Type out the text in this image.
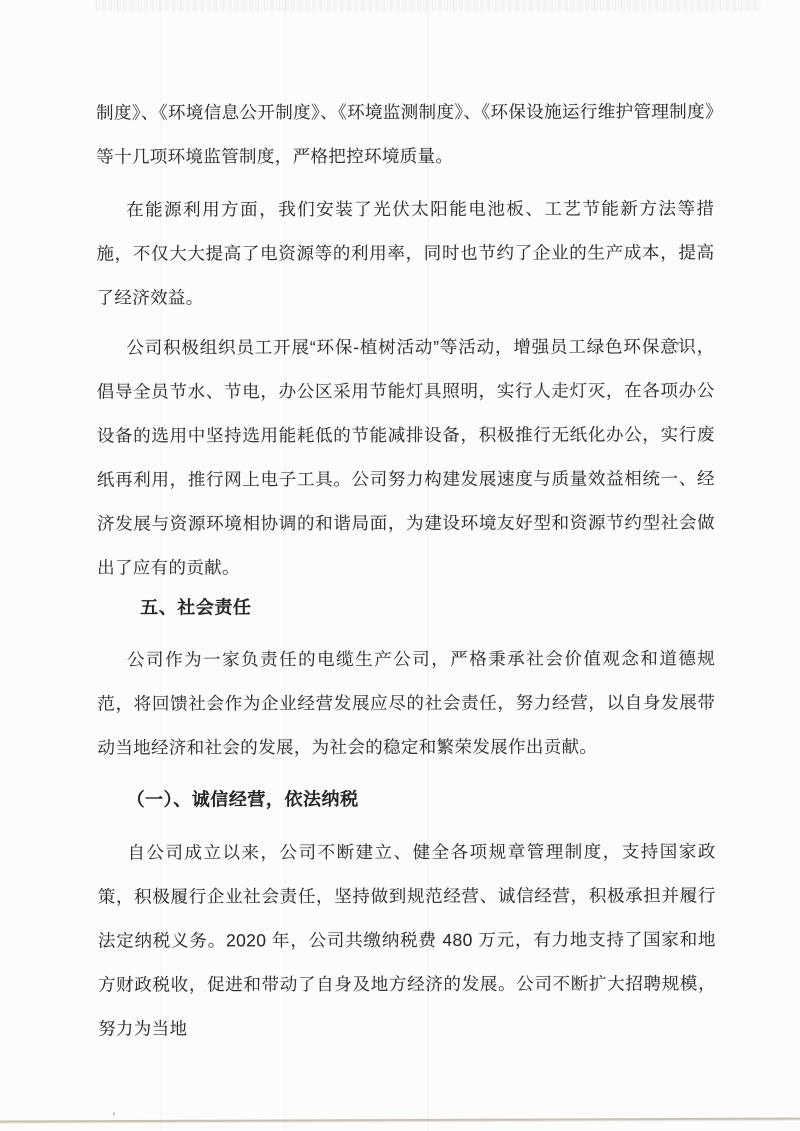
制度》、《环境信息公开制度》、《环境监测制度》、《环保设施运行维护管理制度》等十几项环境监管制度，严格把控环境质量。

在能源利用方面，我们安装了光伏太阳能电池板、工艺节能新方法等措施，不仅大大提高了电资源等的利用率，同时也节约了企业的生产成本，提高了经济效益。

公司积极组织员工开展“环保-植树活动”等活动，增强员工绿色环保意识，倡导全员节水、节电，办公区采用节能灯具照明，实行人走灯灭，在各项办公设备的选用中坚持选用能耗低的节能减排设备，积极推行无纸化办公，实行废纸再利用，推行网上电子工具。公司努力构建发展速度与质量效益相统一、经济发展与资源环境相协调的和谐局面，为建设环境友好型和资源节约型社会做出了应有的贡献。

五、社会责任

公司作为一家负责任的电缆生产公司，严格秉承社会价值观念和道德规范，将回馈社会作为企业经营发展应尽的社会责任，努力经营，以自身发展带动当地经济和社会的发展，为社会的稳定和繁荣发展作出贡献。

（一）、诚信经营，依法纳税

自公司成立以来，公司不断建立、健全各项规章管理制度，支持国家政策，积极履行企业社会责任，坚持做到规范经营、诚信经营，积极承担并履行法定纳税义务。2020 年，公司共缴纳税费 480 万元，有力地支持了国家和地方财政税收，促进和带动了自身及地方经济的发展。公司不断扩大招聘规模，努力为当地
